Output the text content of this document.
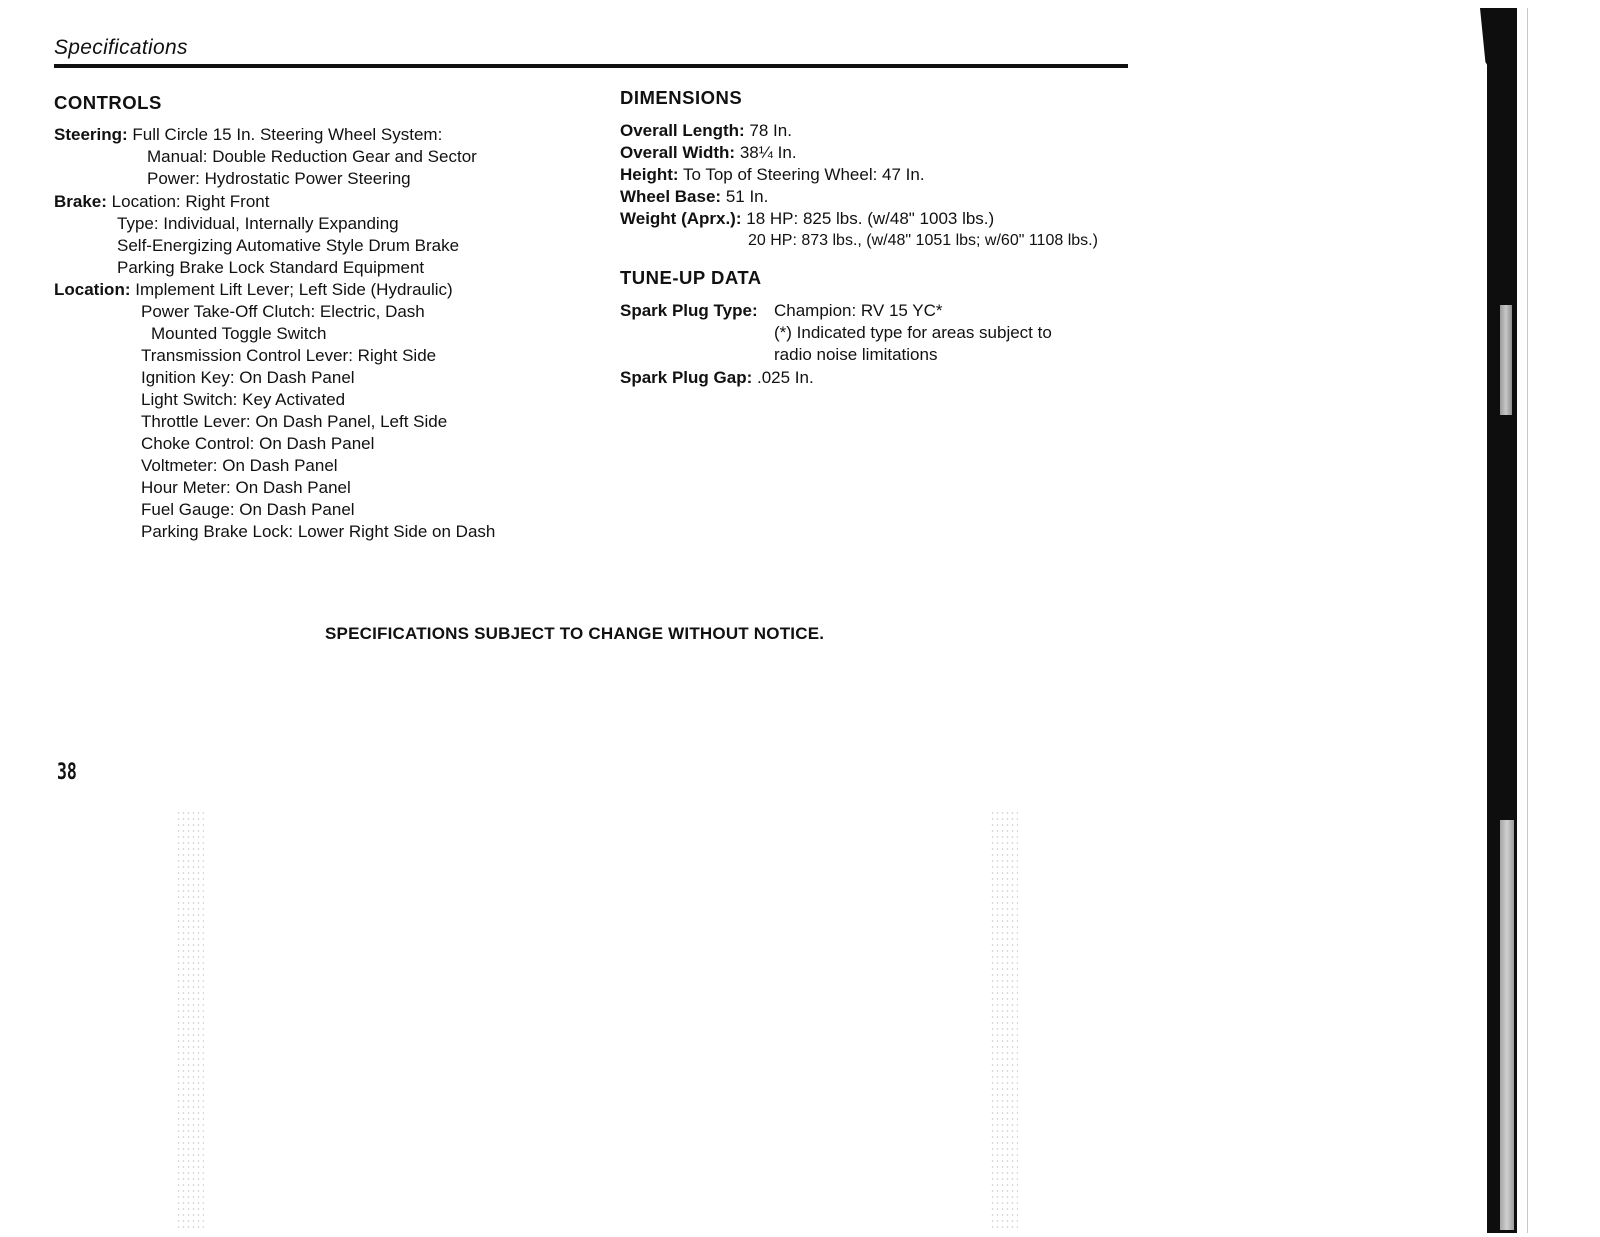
Specifications
CONTROLS
Steering: Full Circle 15 In. Steering Wheel System:
Manual: Double Reduction Gear and Sector
Power: Hydrostatic Power Steering
Brake: Location: Right Front
Type: Individual, Internally Expanding
Self-Energizing Automative Style Drum Brake
Parking Brake Lock Standard Equipment
Location: Implement Lift Lever; Left Side (Hydraulic)
Power Take-Off Clutch: Electric, Dash
Mounted Toggle Switch
Transmission Control Lever: Right Side
Ignition Key: On Dash Panel
Light Switch: Key Activated
Throttle Lever: On Dash Panel, Left Side
Choke Control: On Dash Panel
Voltmeter: On Dash Panel
Hour Meter: On Dash Panel
Fuel Gauge: On Dash Panel
Parking Brake Lock: Lower Right Side on Dash
DIMENSIONS
Overall Length: 78 In.
Overall Width: 38¼ In.
Height: To Top of Steering Wheel: 47 In.
Wheel Base: 51 In.
Weight (Aprx.): 18 HP: 825 lbs. (w/48" 1003 lbs.)
20 HP: 873 lbs., (w/48" 1051 lbs; w/60" 1108 lbs.)
TUNE-UP DATA
Spark Plug Type: Champion: RV 15 YC*
(*) Indicated type for areas subject to
radio noise limitations
Spark Plug Gap: .025 In.
SPECIFICATIONS SUBJECT TO CHANGE WITHOUT NOTICE.
38
